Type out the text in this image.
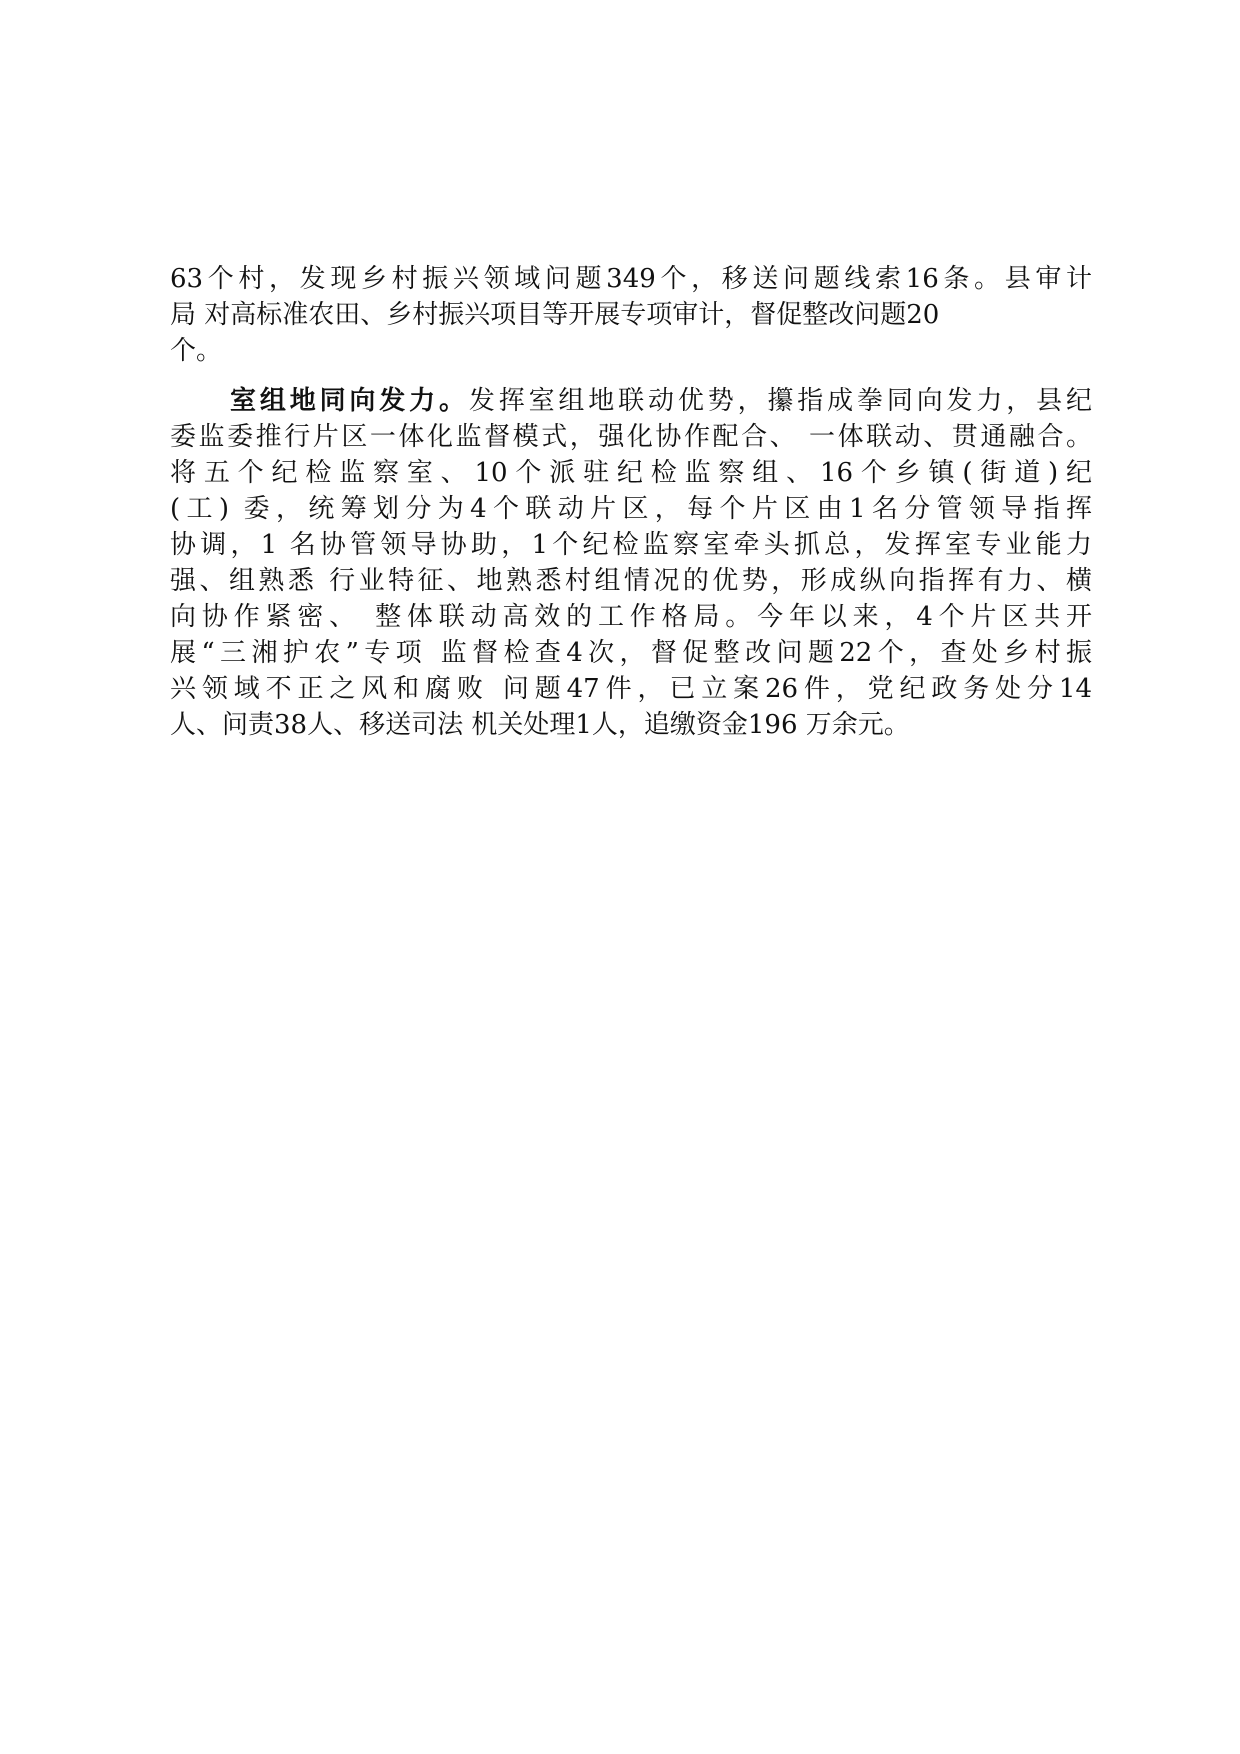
63个村，发现乡村振兴领域问题349个，移送问题线索16条。县审计
局 对高标准农田、乡村振兴项目等开展专项审计，督促整改问题20
个。
室组地同向发力。发挥室组地联动优势，攥指成拳同向发力，县纪
委监委推行片区一体化监督模式，强化协作配合、 一体联动、贯通融合。
将五个纪检监察室、10个派驻纪检监察组、16个乡镇(街道)纪
(工) 委，统筹划分为4个联动片区，每个片区由1名分管领导指挥
协调，1 名协管领导协助，1个纪检监察室牵头抓总，发挥室专业能力
强、组熟悉 行业特征、地熟悉村组情况的优势，形成纵向指挥有力、横
向协作紧密、 整体联动高效的工作格局。今年以来，4个片区共开
展“三湘护农”专项 监督检查4次，督促整改问题22个，查处乡村振
兴领域不正之风和腐败 问题47件，已立案26件，党纪政务处分14
人、问责38人、移送司法 机关处理1人，追缴资金196 万余元。
